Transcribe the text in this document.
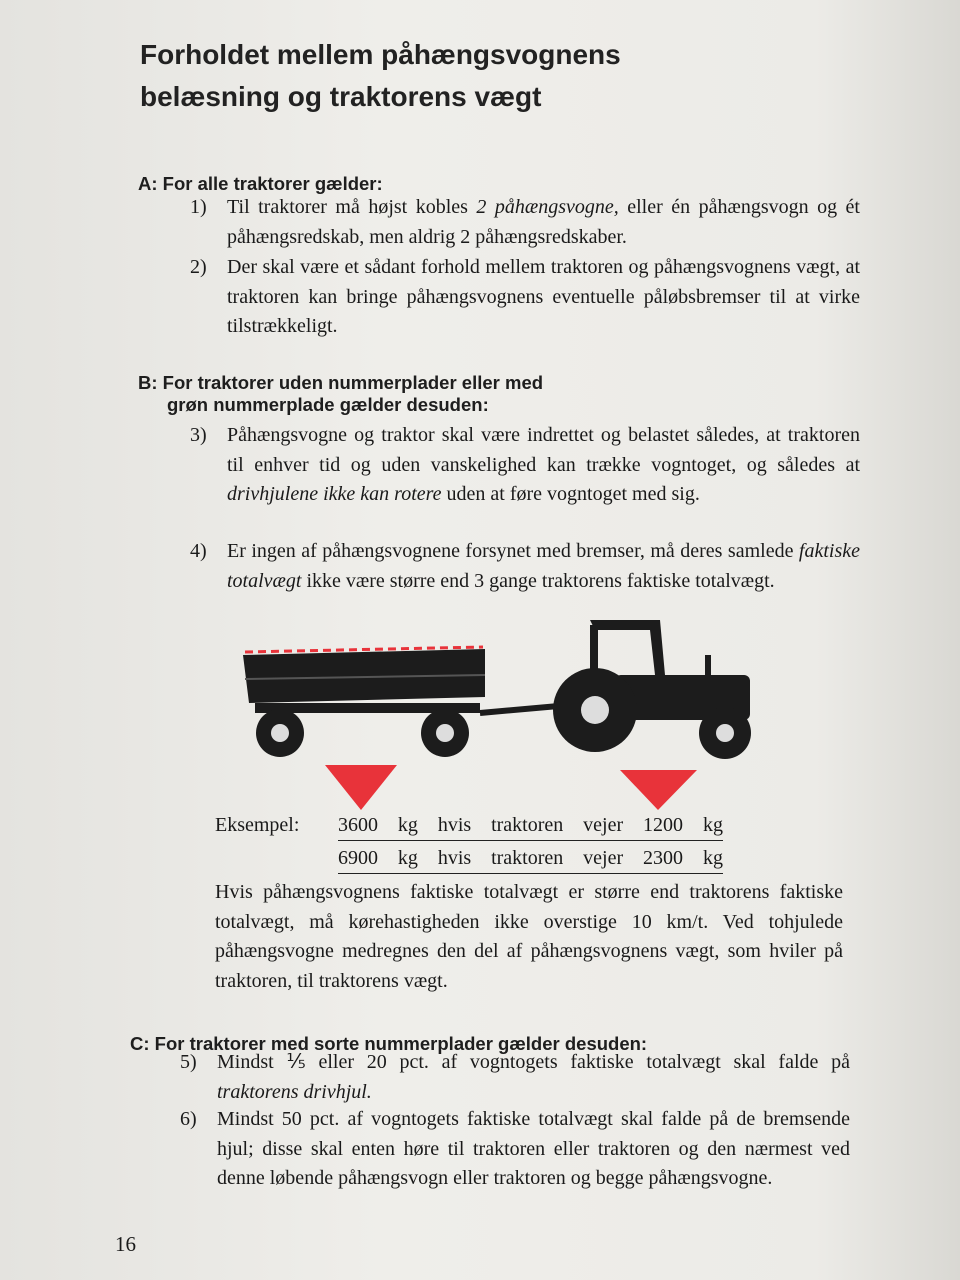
Forholdet mellem påhængsvognens
belæsning og traktorens vægt
A: For alle traktorer gælder:
1) Til traktorer må højst kobles 2 påhængsvogne, eller én påhængsvogn og ét påhængsredskab, men aldrig 2 påhængsredskaber.
2) Der skal være et sådant forhold mellem traktoren og påhængsvognens vægt, at traktoren kan bringe påhængsvognens eventuelle påløbsbremser til at virke tilstrækkeligt.
B: For traktorer uden nummerplader eller med
grøn nummerplade gælder desuden:
3) Påhængsvogne og traktor skal være indrettet og belastet således, at traktoren til enhver tid og uden vanskelighed kan trække vogntoget, og således at drivhjulene ikke kan rotere uden at føre vogntoget med sig.
4) Er ingen af påhængsvognene forsynet med bremser, må deres samlede faktiske totalvægt ikke være større end 3 gange traktorens faktiske totalvægt.
Eksempel: 3600 kg hvis traktoren vejer 1200 kg
6900 kg hvis traktoren vejer 2300 kg
Hvis påhængsvognens faktiske totalvægt er større end traktorens faktiske totalvægt, må kørehastigheden ikke overstige 10 km/t. Ved tohjulede påhængsvogne medregnes den del af påhængsvognens vægt, som hviler på traktoren, til traktorens vægt.
C: For traktorer med sorte nummerplader gælder desuden:
5) Mindst ⅕ eller 20 pct. af vogntogets faktiske totalvægt skal falde på traktorens drivhjul.
6) Mindst 50 pct. af vogntogets faktiske totalvægt skal falde på de bremsende hjul; disse skal enten høre til traktoren eller traktoren og den nærmest ved denne løbende påhængsvogn eller traktoren og begge påhængsvogne.
16
